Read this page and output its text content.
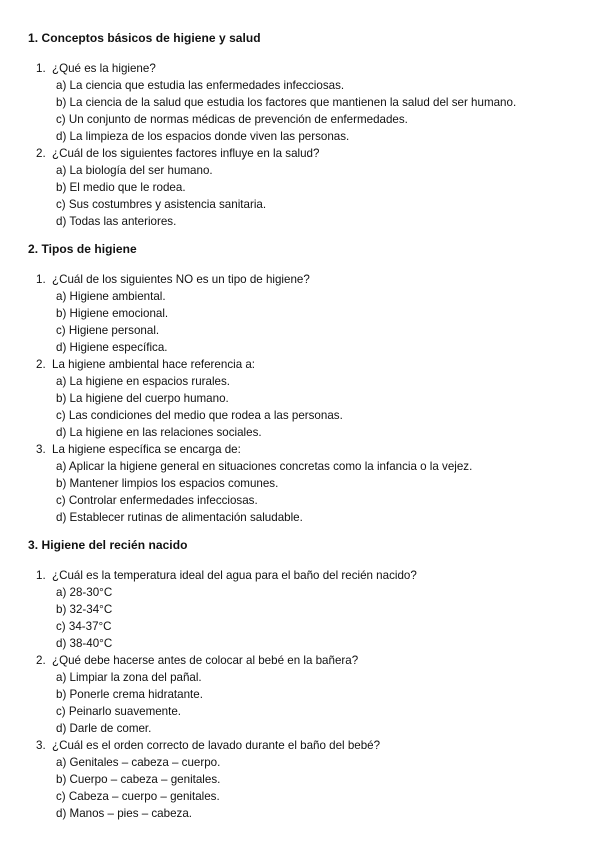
1. Conceptos básicos de higiene y salud
1. ¿Qué es la higiene?
a) La ciencia que estudia las enfermedades infecciosas.
b) La ciencia de la salud que estudia los factores que mantienen la salud del ser humano.
c) Un conjunto de normas médicas de prevención de enfermedades.
d) La limpieza de los espacios donde viven las personas.
2. ¿Cuál de los siguientes factores influye en la salud?
a) La biología del ser humano.
b) El medio que le rodea.
c) Sus costumbres y asistencia sanitaria.
d) Todas las anteriores.
2. Tipos de higiene
1. ¿Cuál de los siguientes NO es un tipo de higiene?
a) Higiene ambiental.
b) Higiene emocional.
c) Higiene personal.
d) Higiene específica.
2. La higiene ambiental hace referencia a:
a) La higiene en espacios rurales.
b) La higiene del cuerpo humano.
c) Las condiciones del medio que rodea a las personas.
d) La higiene en las relaciones sociales.
3. La higiene específica se encarga de:
a) Aplicar la higiene general en situaciones concretas como la infancia o la vejez.
b) Mantener limpios los espacios comunes.
c) Controlar enfermedades infecciosas.
d) Establecer rutinas de alimentación saludable.
3. Higiene del recién nacido
1. ¿Cuál es la temperatura ideal del agua para el baño del recién nacido?
a) 28-30°C
b) 32-34°C
c) 34-37°C
d) 38-40°C
2. ¿Qué debe hacerse antes de colocar al bebé en la bañera?
a) Limpiar la zona del pañal.
b) Ponerle crema hidratante.
c) Peinarlo suavemente.
d) Darle de comer.
3. ¿Cuál es el orden correcto de lavado durante el baño del bebé?
a) Genitales – cabeza – cuerpo.
b) Cuerpo – cabeza – genitales.
c) Cabeza – cuerpo – genitales.
d) Manos – pies – cabeza.
